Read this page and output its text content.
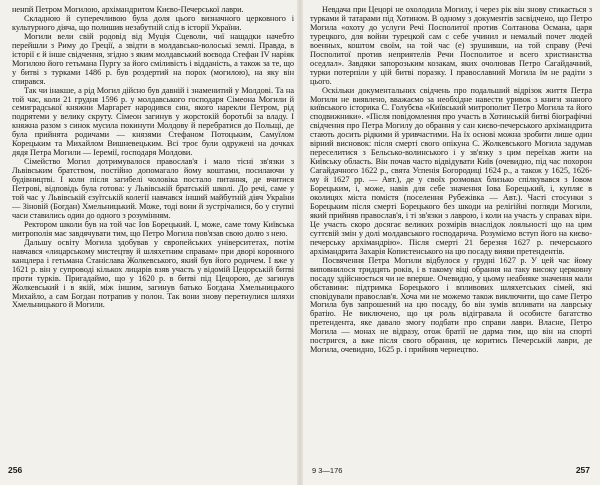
ненпй Петром Могилою, архімандритом Києво-Печерської лаври.

Складною й суперечливою була доля цього визначного церковного і культурного діяча, що полишив незабутній слід в історії України.

Могили вели свій родовід від Муція Сцеволи, чиї нащадки начебто перейшли з Риму до Греції, а звідти в молдавсько-волоські землі. Правда, в історії є й інше свідчення, згідно з яким молдавський воєвода Стефан IV наріяк Могилою його гетьмана Пургу за його сміливість і відданість, а також за те, що у битві з турками 1486 р. був роздертий на порох (могилою), на яку він спирався.

Так чи інакше, а рід Могил дійсно був давній і знаменитий у Молдові. Та на той час, коли 21 грудня 1596 р. у молдавського господаря Сімеона Могили й семиградської княжни Маргарет народився син, якого нарекли Петром, рід подрятеми у велику скруту. Сімеон загинув у жорстокій боротьбі за владу. І княжна разом з синок мусила покинути Молдову й перебратися до Польщі, де була прийнята родичами — князями Стефаном Потоцьким, Самуїлом Корецьким та Михайлом Вишневецьким. Всі троє були одружені на дочках дядя Петра Могили — Іеремії, господаря Молдови.

Сімейство Могил дотримувалося православ'я і мало тісні зв'язки з Львівським братством, постійно допомагало йому коштами, посилаючи у будівництві. І коли після загибелі чоловіка постало питання, де вчитися Петрові, відповідь була готова: у Львівській братській школі. До речі, саме у той час у Львівській єзуїтській колегії навчався інший майбутній діяч України — Зіновій (Богдан) Хмельницький. Може, тоді вони й зустрічалися, бо у ступні часи ставились один до одного з розумінням.

Ректором школи був на той час Іов Борецький. І, може, саме тому Київська митрополія має завдячувати тим, що Петро Могила пов'язав свою долю з нею.

Дальшу освіту Могила здобував у європейських університетах, потім навчався «лицарському мистецтву й шляхетним справам» при дворі коронного канцлера і гетьмана Станіслава Жолкевського, який був його родичем. І вже у 1621 р. він у супроводі кількох лицарів взяв участь у відомій Цецорській битві проти турків. Пригадаймо, що у 1620 р. в битві під Цецорою, де загинув Жолкевський і в якій, між іншим, загинув батько Богдана Хмельницького Михайло, а сам Богдан потрапив у полон. Так вони знову перетнулися шляхи Хмельницького й Могили.

256

Невдача при Цецорі не охолодила Могилу, і через рік він знову стикається з турками й татарами під Хотином. В одному з документів засвідчено, що Петро Могила «охоту до услуги Речі Посполитої против Солтанова Османа, царя турецкого, для войни турецкой сам с себе учинил и немалый почет людей военных, коштом своїм, на той час (е) зрушивши, на той справу (Речі Посполитої против неприятелів Речи Посполитое и всего христианства оседлал». Завдяки запорозьким козакам, яких очолював Петро Сагайдачний, турки потерпіли у цій битві поразку. І православний Могила їм не радіти з цього.

Оскільки документальних свідчень про подальший відрізок життя Петра Могили не виявлено, вважаємо за необхідне навести уривок з книги знаного київського історика С. Голубєва «Київський митрополит Петро Могила та його сподвижники». «Після повідомлення про участь в Хотинській битві біографічні свідчення про Петра Могилу до обрання у сан києво-печерського архімандрита стають досить рідкими й уривчастими. На їх основі можна зробити лише один вірний висновок: після смерті свого опікуна С. Жолкевського Могила задумав переселитися з Бельсько-волинського і у зв'язку з цим переїхав жити на Київську область. Він почав часто відвідувати Київ (очевидно, під час похорон Сагайдачного 1622 р., свята Успенія Богородиці 1624 р., а також у 1625, 1626-му й 1627 рр. — Авт.), де у своїх розмовах близько спілкувався з Іовом Борецьким, і, може, навів для себе значення Іова Борецький, і, купляє в околицях міста помістя (поселення Рубежівка — Авт.). Часті стосунки з Борецьким після смерті Борецького без шкоди на релігійні погляди Могили, який прийняв православ'я, і ті зв'язки з лаврою, і коли на участь у справах віри. Це участь скоро досягає великих розмірів внаслідок лояльності що на цим суттєвій змін у долі молдавського господарича. Розуміємо вступ його на києво-печерську архімандрію». Після смерті 21 березня 1627 р. печерського архімандрита Захарія Копистенського на цю посаду вияви претендентів.

Посвячення Петра Могили відбулося у грудні 1627 р. У цей час йому виповнилося тридцять років, і в такому віці обрання на таку високу церковну посаду здійснюється чи не вперше. Очевидно, у цьому неабияке значення мали обставини: підтримка Борецького і впливових шляхетських сімей, які сповідували православ'я. Хоча ми не можемо також виключити, що саме Петро Могила був запрошений на цю посаду, бо він зумів впливати на лаврську братію. Не виключено, що ця роль відігравала й особисте багатство претендента, яке давало змогу подбати про справи лаври. Власне, Петро Могила — монах не відразу, отож братії не дарма тим, що він на спорті постригся, а вже після свого обрання, це коритись Печерській лаври, де Могила, очевидно, 1625 р. і прийняв чернецтво.

9 3—176	257
